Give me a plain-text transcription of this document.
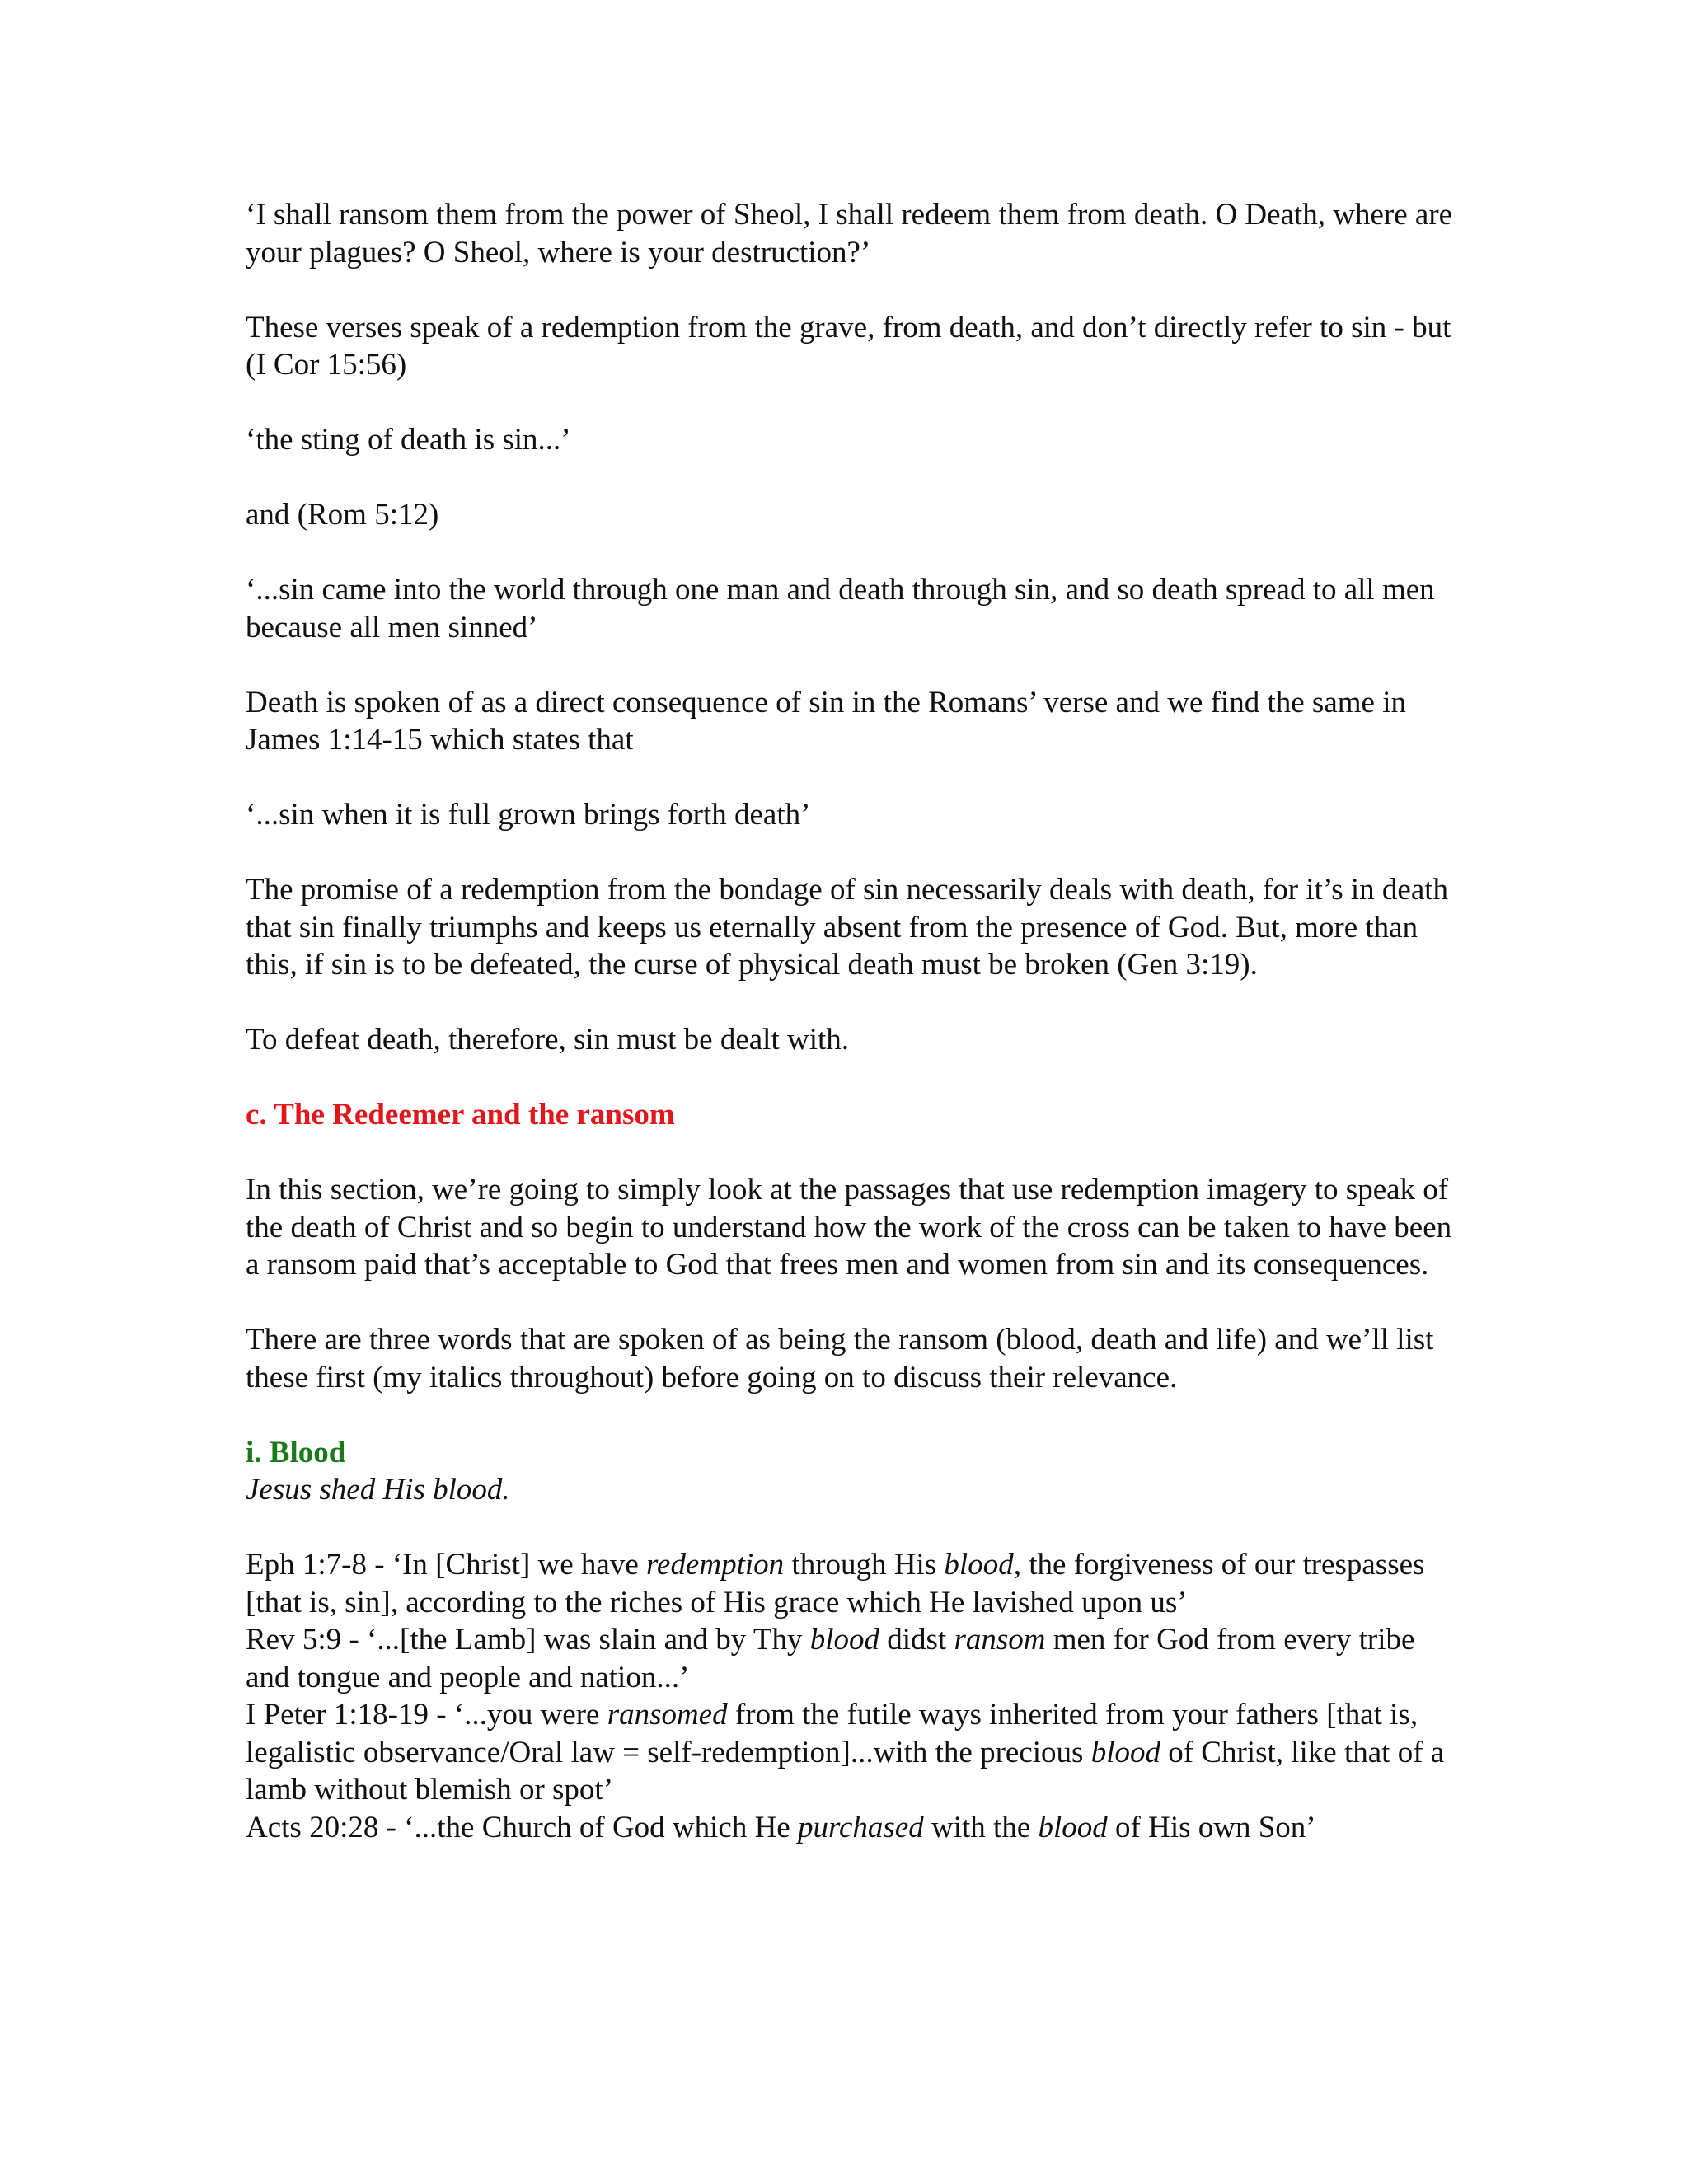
‘I shall ransom them from the power of Sheol, I shall redeem them from death. O Death, where are your plagues? O Sheol, where is your destruction?’

These verses speak of a redemption from the grave, from death, and don’t directly refer to sin - but (I Cor 15:56)

‘the sting of death is sin...’

and (Rom 5:12)

‘...sin came into the world through one man and death through sin, and so death spread to all men because all men sinned’

Death is spoken of as a direct consequence of sin in the Romans’ verse and we find the same in James 1:14-15 which states that

‘...sin when it is full grown brings forth death’

The promise of a redemption from the bondage of sin necessarily deals with death, for it’s in death that sin finally triumphs and keeps us eternally absent from the presence of God. But, more than this, if sin is to be defeated, the curse of physical death must be broken (Gen 3:19).

To defeat death, therefore, sin must be dealt with.

c. The Redeemer and the ransom

In this section, we’re going to simply look at the passages that use redemption imagery to speak of the death of Christ and so begin to understand how the work of the cross can be taken to have been a ransom paid that’s acceptable to God that frees men and women from sin and its consequences.

There are three words that are spoken of as being the ransom (blood, death and life) and we’ll list these first (my italics throughout) before going on to discuss their relevance.

i. Blood
Jesus shed His blood.
Eph 1:7-8 - ‘In [Christ] we have redemption through His blood, the forgiveness of our trespasses [that is, sin], according to the riches of His grace which He lavished upon us’
Rev 5:9 - ‘...[the Lamb] was slain and by Thy blood didst ransom men for God from every tribe and tongue and people and nation...’
I Peter 1:18-19 - ‘...you were ransomed from the futile ways inherited from your fathers [that is, legalistic observance/Oral law = self-redemption]...with the precious blood of Christ, like that of a lamb without blemish or spot’
Acts 20:28 - ‘...the Church of God which He purchased with the blood of His own Son’
